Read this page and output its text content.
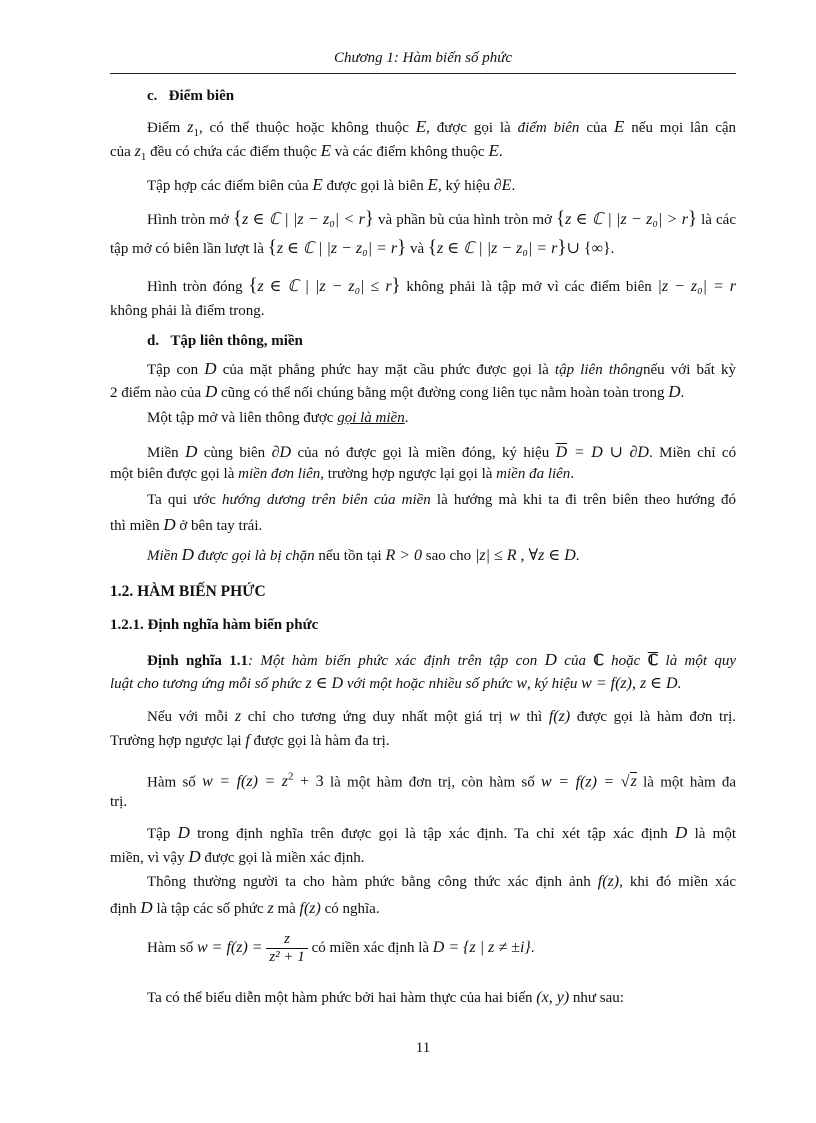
Chương 1: Hàm biến số phức
c. Điểm biên
Điểm $z_1$, có thể thuộc hoặc không thuộc E, được gọi là điểm biên của E nếu mọi lân cận
của $z_1$ đều có chứa các điểm thuộc E và các điểm không thuộc E.
Tập hợp các điểm biên của E được gọi là biên E, ký hiệu ∂E.
Hình tròn mở {z ∈ ℂ | |z − z₀| < r} và phần bù của hình tròn mở {z ∈ ℂ | |z − z₀| > r} là các
tập mở có biên lần lượt là {z ∈ ℂ | |z − z₀| = r} và {z ∈ ℂ | |z − z₀| = r}∪ {∞}.
Hình tròn đóng {z ∈ ℂ | |z − z₀| ≤ r} không phải là tập mở vì các điểm biên |z − z₀| = r
không phải là điểm trong.
d. Tập liên thông, miền
Tập con D của mặt phẳng phức hay mặt cầu phức được gọi là tập liên thôngnếu với bất kỳ
2 điểm nào của D cũng có thể nối chúng bằng một đường cong liên tục nằm hoàn toàn trong D.
Một tập mở và liên thông được gọi là miền.
Miền D cùng biên ∂D của nó được gọi là miền đóng, ký hiệu $\overline{D} = D$ ∪ ∂D. Miền chỉ có
một biên được gọi là miền đơn liên, trường hợp ngược lại gọi là miền đa liên.
Ta qui ước hướng dương trên biên của miền là hướng mà khi ta đi trên biên theo hướng đó
thì miền D ở bên tay trái.
Miền D được gọi là bị chặn nếu tồn tại R > 0 sao cho |z| ≤ R , ∀z ∈ D.
1.2. HÀM BIẾN PHỨC
1.2.1. Định nghĩa hàm biến phức
Định nghĩa 1.1: Một hàm biến phức xác định trên tập con D của ℂ hoặc ℂ là một quy
luật cho tương ứng mỗi số phức z ∈ D với một hoặc nhiều số phức w, ký hiệu w = f(z), z ∈ D.
Nếu với mỗi z chỉ cho tương ứng duy nhất một giá trị w thì f(z) được gọi là hàm đơn trị.
Trường hợp ngược lại f được gọi là hàm đa trị.
Hàm số $w = f(z) = z^2 + 3$ là một hàm đơn trị, còn hàm số w = f(z) = √z là một hàm đa
trị.
Tập D trong định nghĩa trên được gọi là tập xác định. Ta chỉ xét tập xác định D là một
miền, vì vậy D được gọi là miền xác định.
Thông thường người ta cho hàm phức bằng công thức xác định ảnh f(z), khi đó miền xác
định D là tập các số phức z mà f(z) có nghĩa.
Hàm số $w = f(z) = \frac{z}{\text{z² + 1}}$ có miền xác định là D = {z | z ≠ ±i}.
Ta có thể biểu diễn một hàm phức bởi hai hàm thực của hai biến (x, y) như sau:
11
